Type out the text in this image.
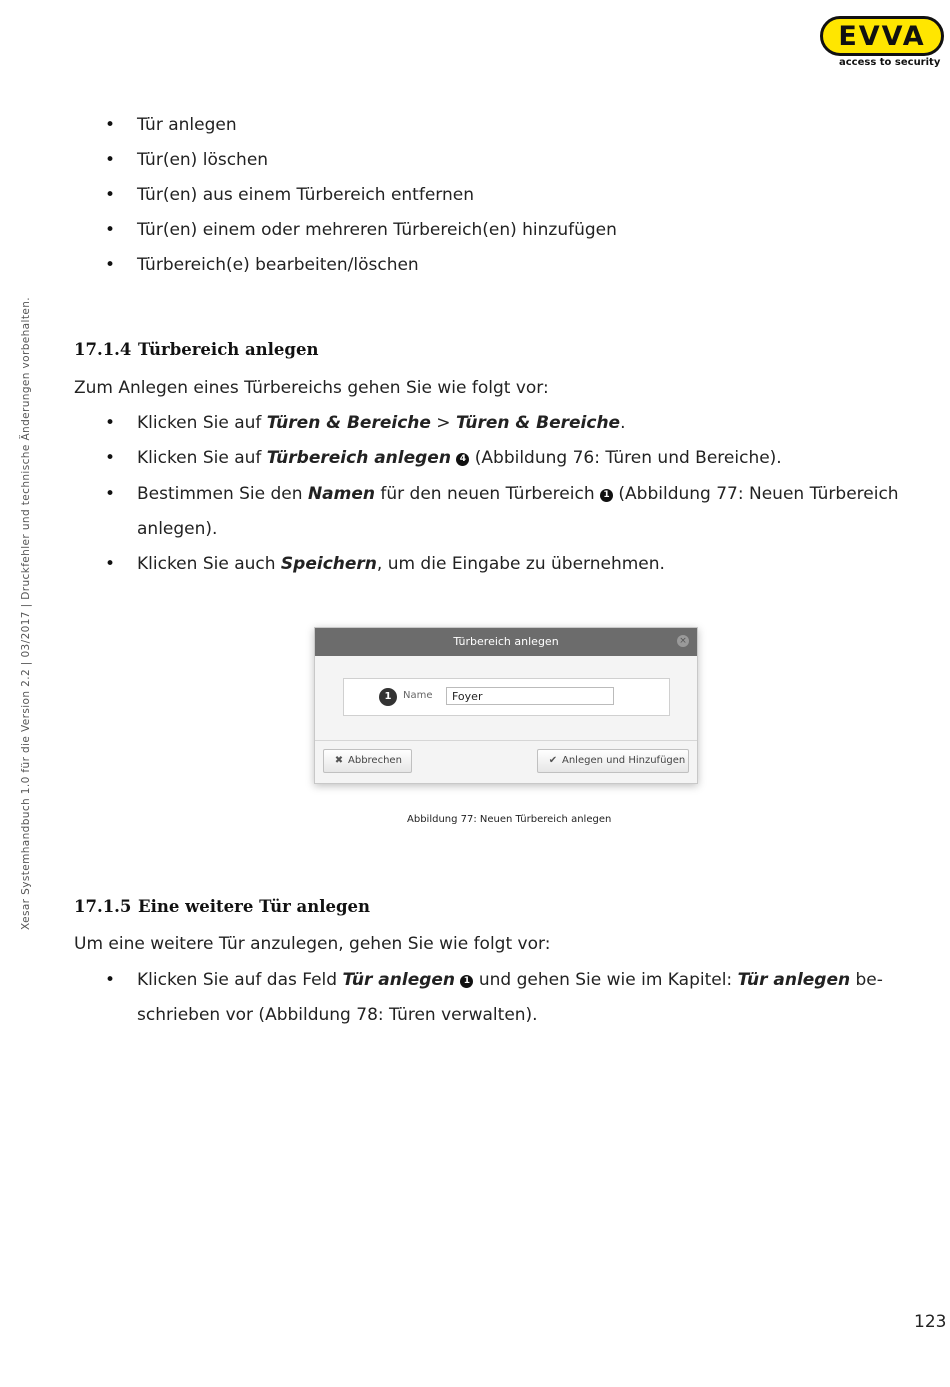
EVVA
access to security
Xesar Systemhandbuch 1.0 für die Version 2.2 | 03/2017 | Druckfehler und technische Änderungen vorbehalten.
• Tür anlegen
• Tür(en) löschen
• Tür(en) aus einem Türbereich entfernen
• Tür(en) einem oder mehreren Türbereich(en) hinzufügen
• Türbereich(e) bearbeiten/löschen
17.1.4 Türbereich anlegen
Zum Anlegen eines Türbereichs gehen Sie wie folgt vor:
• Klicken Sie auf Türen & Bereiche > Türen & Bereiche.
• Klicken Sie auf Türbereich anlegen 4 (Abbildung 76: Türen und Bereiche).
• Bestimmen Sie den Namen für den neuen Türbereich 1 (Abbildung 77: Neuen Türbereich
anlegen).
• Klicken Sie auch Speichern, um die Eingabe zu übernehmen.
Türbereich anlegen	×
1	Name	Foyer
✖ Abbrechen	✔ Anlegen und Hinzufügen
Abbildung 77: Neuen Türbereich anlegen
17.1.5 Eine weitere Tür anlegen
Um eine weitere Tür anzulegen, gehen Sie wie folgt vor:
• Klicken Sie auf das Feld Tür anlegen 1 und gehen Sie wie im Kapitel: Tür anlegen be-
schrieben vor (Abbildung 78: Türen verwalten).
123
